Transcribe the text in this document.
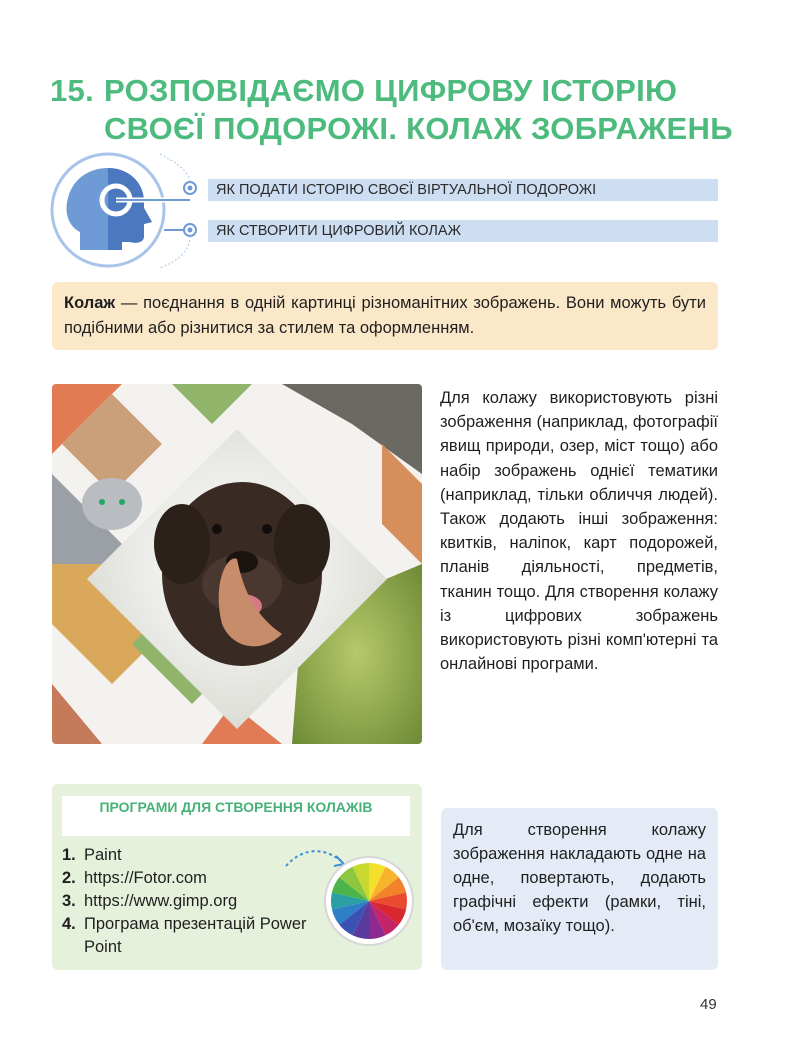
15. РОЗПОВІДАЄМО ЦИФРОВУ ІСТОРІЮ
СВОЄЇ ПОДОРОЖІ. КОЛАЖ ЗОБРАЖЕНЬ
ЯК ПОДАТИ ІСТОРІЮ СВОЄЇ ВІРТУАЛЬНОЇ ПОДОРОЖІ
ЯК СТВОРИТИ ЦИФРОВИЙ КОЛАЖ
Колаж — поєднання в одній картинці різноманітних зображень. Вони можуть бути подібними або різнитися за стилем та оформленням.
Для колажу використовують різні зображення (наприклад, фотографії явищ природи, озер, міст тощо) або набір зображень однієї тематики (наприклад, тільки обличчя людей). Також додають інші зображення: квитків, наліпок, карт подорожей, планів діяльності, предметів, тканин тощо. Для створення колажу із цифрових зображень використовують різні комп'ютерні та онлайнові програми.
ПРОГРАМИ ДЛЯ СТВОРЕННЯ КОЛАЖІВ
1. Paint
2. https://Fotor.com
3. https://www.gimp.org
4. Програма презентацій Power Point
Для створення колажу зображення накладають одне на одне, повертають, додають графічні ефекти (рамки, тіні, об'єм, мозаїку тощо).
49
